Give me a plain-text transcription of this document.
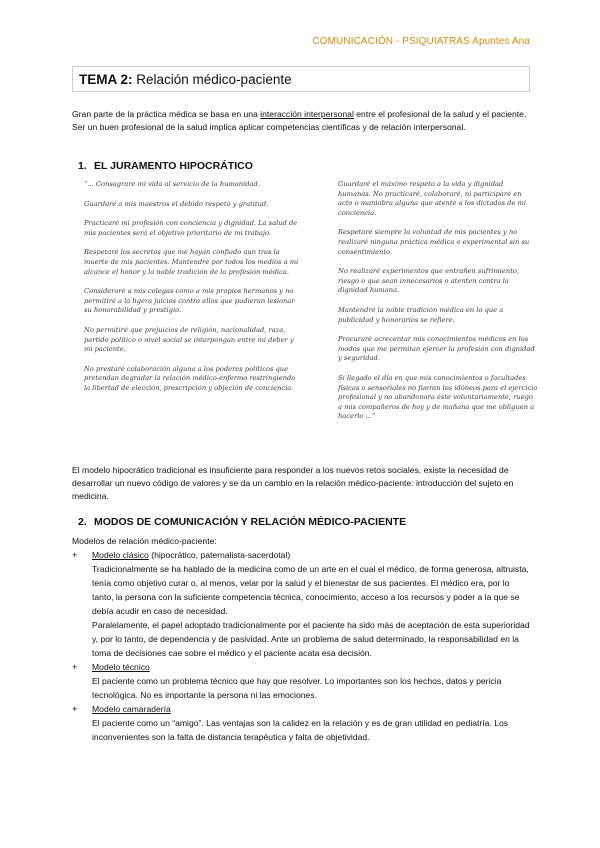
COMUNICACIÓN - PSIQUIATRAS Apuntes Ana
TEMA 2: Relación médico-paciente
Gran parte de la práctica médica se basa en una interacción interpersonal entre el profesional de la salud y el paciente. Ser un buen profesional de la salud implica aplicar competencias científicas y de relación interpersonal.
1. EL JURAMENTO HIPOCRÁTICO

“... Consagrare mi vida al servicio de la humanidad.

Guardaré a mis maestros el debido respeto y gratitud.

Practicaré mi profesión con conciencia y dignidad. La salud de mis pacientes será el objetivo prioritario de mi trabajo.

Respetaré los secretos que me hayan confiado aun tras la muerte de mis pacientes. Mantendré por todos los medios a mi alcance el honor y la noble tradición de la profesión médica.

Consideraré a mis colegas como a mis propios hermanos y no permitiré a la ligera juicios contra ellos que pudieran lesionar su honorabilidad y prestigio.

No permitiré que prejuicios de religión, nacionalidad, raza, partido político o nivel social se interpongan entre mi deber y mi paciente.

No prestaré colaboración alguna a los poderes políticos que pretendan degradar la relación médico-enfermo restringiendo la libertad de elección, prescripción y objeción de conciencia.

Guardaré el máximo respeto a la vida y dignidad humanas. No practicaré, colaboraré, ni participaré en acto o maniobra alguna que atente a los dictados de mi conciencia.

Respetaré siempre la voluntad de mis pacientes y no realizaré ninguna práctica médica o experimental sin su consentimiento.

No realizaré experimentos que entrañen sufrimiento, riesgo o que sean innecesarios o atenten contra la dignidad humana.

Mantendré la noble tradición médica en lo que a publicidad y honorarios se refiere.

Procuraré acrecentar mis conocimientos médicos en los modos que me permitan ejercer la profesión con dignidad y seguridad.

Si llegado el día en que mis conocimientos o facultades físicas o sensoriales no fueran los idóneos para el ejercicio profesional y no abandonara éste voluntariamente, ruego a mis compañeros de hoy y de mañana que me obliguen a hacerlo ...”

El modelo hipocrático tradicional es insuficiente para responder a los nuevos retos sociales, existe la necesidad de desarrollar un nuevo código de valores y se da un cambio en la relación médico-paciente: introducción del sujeto en medicina.
2. MODOS DE COMUNICACIÓN Y RELACIÓN MÉDICO-PACIENTE
Modelos de relación médico-paciente:
+ Modelo clásico (hipocrático, paternalista-sacerdotal)

Tradicionalmente se ha hablado de la medicina como de un arte en el cual el médico, de forma generosa, altruista, tenía como objetivo curar o, al menos, velar por la salud y el bienestar de sus pacientes. El médico era, por lo tanto, la persona con la suficiente competencia técnica, conocimiento, acceso a los recursos y poder a la que se debía acudir en caso de necesidad.

Paralelamente, el papel adoptado tradicionalmente por el paciente ha sido más de aceptación de esta superioridad y, por lo tanto, de dependencia y de pasividad. Ante un problema de salud determinado, la responsabilidad en la toma de decisiones cae sobre el médico y el paciente acata esa decisión.

+ Modelo técnico

El paciente como un problema técnico que hay que resolver. Lo importantes son los hechos, datos y pericia tecnológica. No es importante la persona ni las emociones.

+ Modelo camaradería

El paciente como un “amigo”. Las ventajas son la calidez en la relación y es de gran utilidad en pediatría. Los inconvenientes son la falta de distancia terapéutica y falta de objetividad.
